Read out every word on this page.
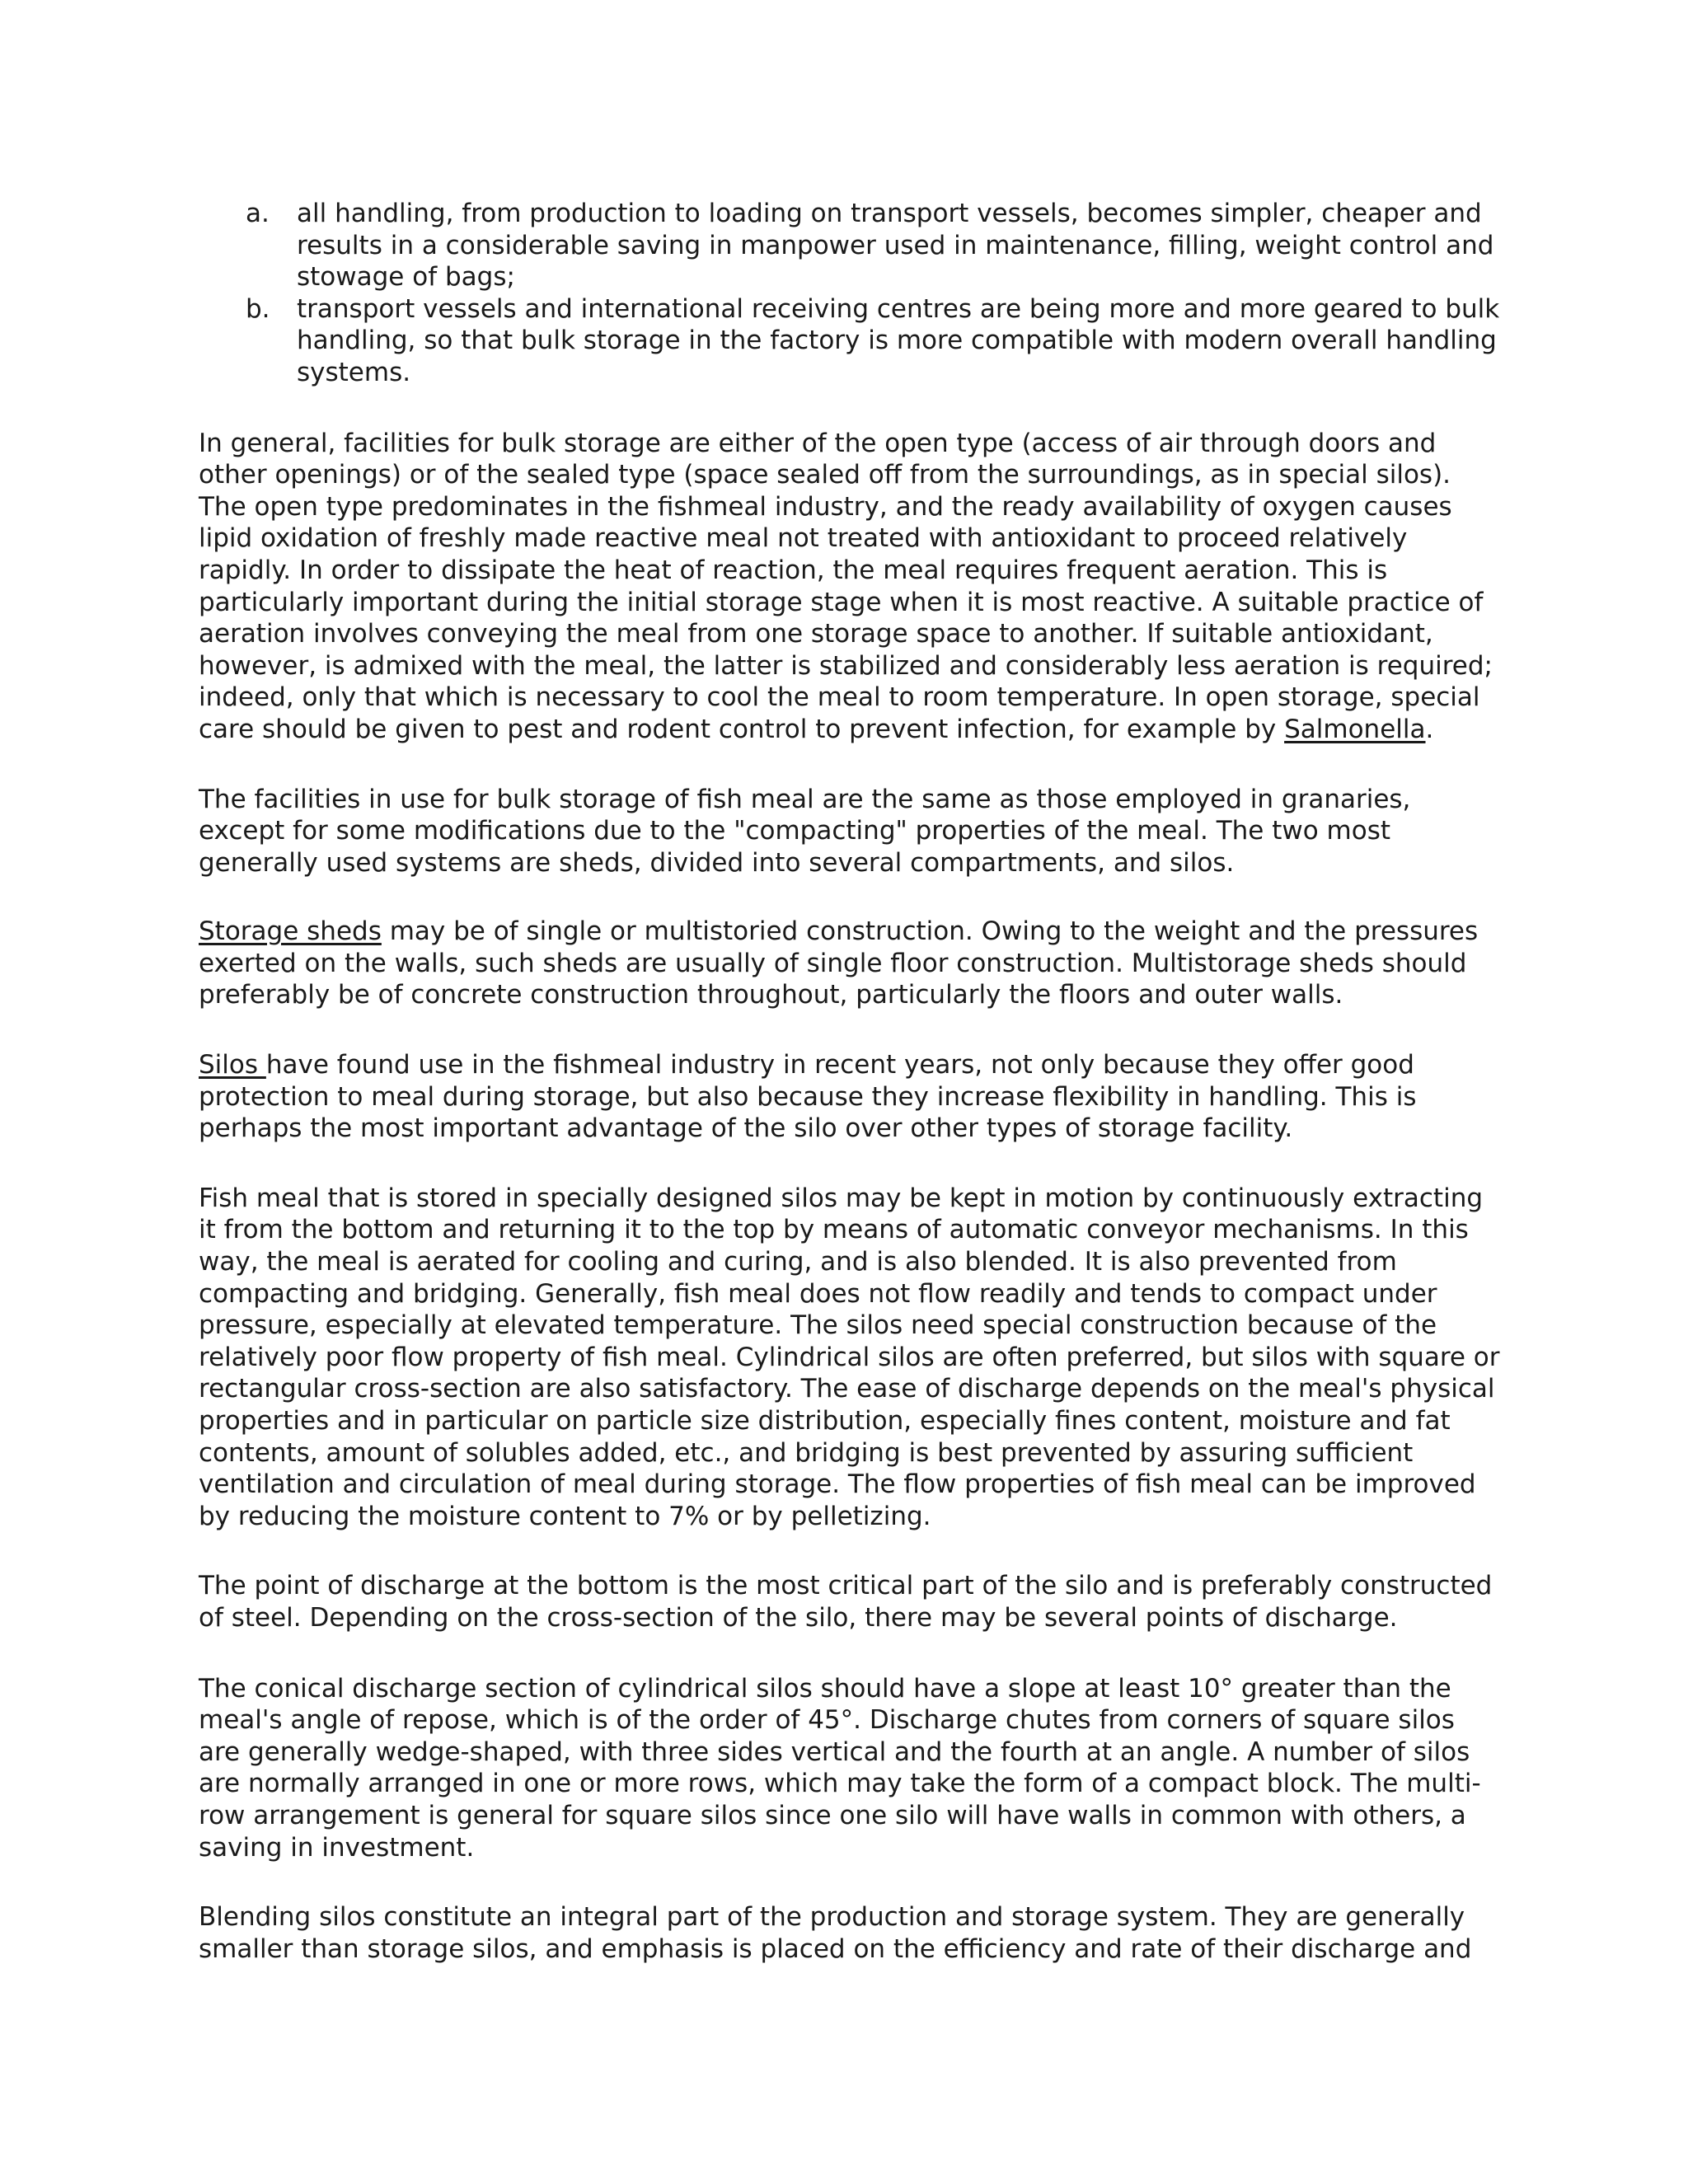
a. all handling, from production to loading on transport vessels, becomes simpler, cheaper and results in a considerable saving in manpower used in maintenance, filling, weight control and stowage of bags;
b. transport vessels and international receiving centres are being more and more geared to bulk handling, so that bulk storage in the factory is more compatible with modern overall handling systems.

In general, facilities for bulk storage are either of the open type (access of air through doors and other openings) or of the sealed type (space sealed off from the surroundings, as in special silos). The open type predominates in the fishmeal industry, and the ready availability of oxygen causes lipid oxidation of freshly made reactive meal not treated with antioxidant to proceed relatively rapidly. In order to dissipate the heat of reaction, the meal requires frequent aeration. This is particularly important during the initial storage stage when it is most reactive. A suitable practice of aeration involves conveying the meal from one storage space to another. If suitable antioxidant, however, is admixed with the meal, the latter is stabilized and considerably less aeration is required; indeed, only that which is necessary to cool the meal to room temperature. In open storage, special care should be given to pest and rodent control to prevent infection, for example by Salmonella.

The facilities in use for bulk storage of fish meal are the same as those employed in granaries, except for some modifications due to the "compacting" properties of the meal. The two most generally used systems are sheds, divided into several compartments, and silos.

Storage sheds may be of single or multistoried construction. Owing to the weight and the pressures exerted on the walls, such sheds are usually of single floor construction. Multistorage sheds should preferably be of concrete construction throughout, particularly the floors and outer walls.

Silos have found use in the fishmeal industry in recent years, not only because they offer good protection to meal during storage, but also because they increase flexibility in handling. This is perhaps the most important advantage of the silo over other types of storage facility.

Fish meal that is stored in specially designed silos may be kept in motion by continuously extracting it from the bottom and returning it to the top by means of automatic conveyor mechanisms. In this way, the meal is aerated for cooling and curing, and is also blended. It is also prevented from compacting and bridging. Generally, fish meal does not flow readily and tends to compact under pressure, especially at elevated temperature. The silos need special construction because of the relatively poor flow property of fish meal. Cylindrical silos are often preferred, but silos with square or rectangular cross-section are also satisfactory. The ease of discharge depends on the meal's physical properties and in particular on particle size distribution, especially fines content, moisture and fat contents, amount of solubles added, etc., and bridging is best prevented by assuring sufficient ventilation and circulation of meal during storage. The flow properties of fish meal can be improved by reducing the moisture content to 7% or by pelletizing.

The point of discharge at the bottom is the most critical part of the silo and is preferably constructed of steel. Depending on the cross-section of the silo, there may be several points of discharge.

The conical discharge section of cylindrical silos should have a slope at least 10° greater than the meal's angle of repose, which is of the order of 45°. Discharge chutes from corners of square silos are generally wedge-shaped, with three sides vertical and the fourth at an angle. A number of silos are normally arranged in one or more rows, which may take the form of a compact block. The multi-row arrangement is general for square silos since one silo will have walls in common with others, a saving in investment.

Blending silos constitute an integral part of the production and storage system. They are generally smaller than storage silos, and emphasis is placed on the efficiency and rate of their discharge and
